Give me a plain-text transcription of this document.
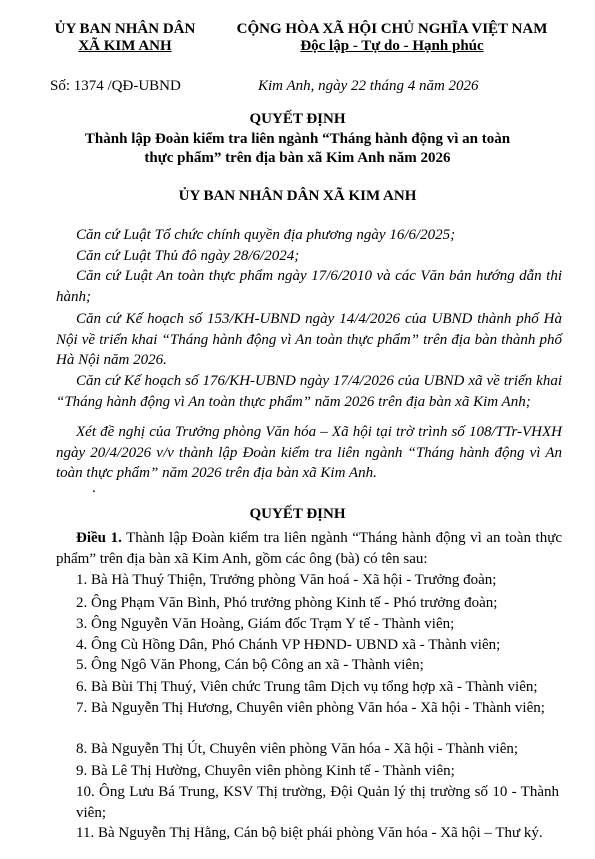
ỦY BAN NHÂN DÂN
XÃ KIM ANH
CỘNG HÒA XÃ HỘI CHỦ NGHĨA VIỆT NAM
Độc lập - Tự do - Hạnh phúc
Số: 1374 /QĐ-UBND	Kim Anh, ngày 22 tháng 4 năm 2026
QUYẾT ĐỊNH
Thành lập Đoàn kiểm tra liên ngành “Tháng hành động vì an toàn
thực phẩm” trên địa bàn xã Kim Anh năm 2026
ỦY BAN NHÂN DÂN XÃ KIM ANH
Căn cứ Luật Tổ chức chính quyền địa phương ngày 16/6/2025;
Căn cứ Luật Thủ đô ngày 28/6/2024;
Căn cứ Luật An toàn thực phẩm ngày 17/6/2010 và các Văn bản hướng dẫn thi hành;
Căn cứ Kế hoạch số 153/KH-UBND ngày 14/4/2026 của UBND thành phố Hà Nội về triển khai “Tháng hành động vì An toàn thực phẩm” trên địa bàn thành phố Hà Nội năm 2026.
Căn cứ Kế hoạch số 176/KH-UBND ngày 17/4/2026 của UBND xã về triển khai “Tháng hành động vì An toàn thực phẩm” năm 2026 trên địa bàn xã Kim Anh;
Xét đề nghị của Trưởng phòng Văn hóa – Xã hội tại trờ trình số 108/TTr-VHXH ngày 20/4/2026 v/v thành lập Đoàn kiểm tra liên ngành “Tháng hành động vì An toàn thực phẩm” năm 2026 trên địa bàn xã Kim Anh.
.
QUYẾT ĐỊNH
Điều 1. Thành lập Đoàn kiểm tra liên ngành “Tháng hành động vì an toàn thực phẩm” trên địa bàn xã Kim Anh, gồm các ông (bà) có tên sau:
1. Bà Hà Thuý Thiện, Trưởng phòng Văn hoá - Xã hội - Trưởng đoàn;
2. Ông Phạm Văn Bình, Phó trưởng phòng Kinh tế - Phó trưởng đoàn;
3. Ông Nguyễn Văn Hoàng, Giám đốc Trạm Y tế - Thành viên;
4. Ông Cù Hồng Dân, Phó Chánh VP HĐND- UBND xã - Thành viên;
5. Ông Ngô Văn Phong, Cán bộ Công an xã - Thành viên;
6. Bà Bùi Thị Thuý, Viên chức Trung tâm Dịch vụ tổng hợp xã - Thành viên;
7. Bà Nguyễn Thị Hương, Chuyên viên phòng Văn hóa - Xã hội - Thành viên;
8. Bà Nguyễn Thị Út, Chuyên viên phòng Văn hóa - Xã hội - Thành viên;
9. Bà Lê Thị Hường, Chuyên viên phòng Kinh tế - Thành viên;
10. Ông Lưu Bá Trung, KSV Thị trường, Đội Quản lý thị trường số 10 - Thành viên;
11. Bà Nguyễn Thị Hằng, Cán bộ biệt phái phòng Văn hóa - Xã hội – Thư ký.
